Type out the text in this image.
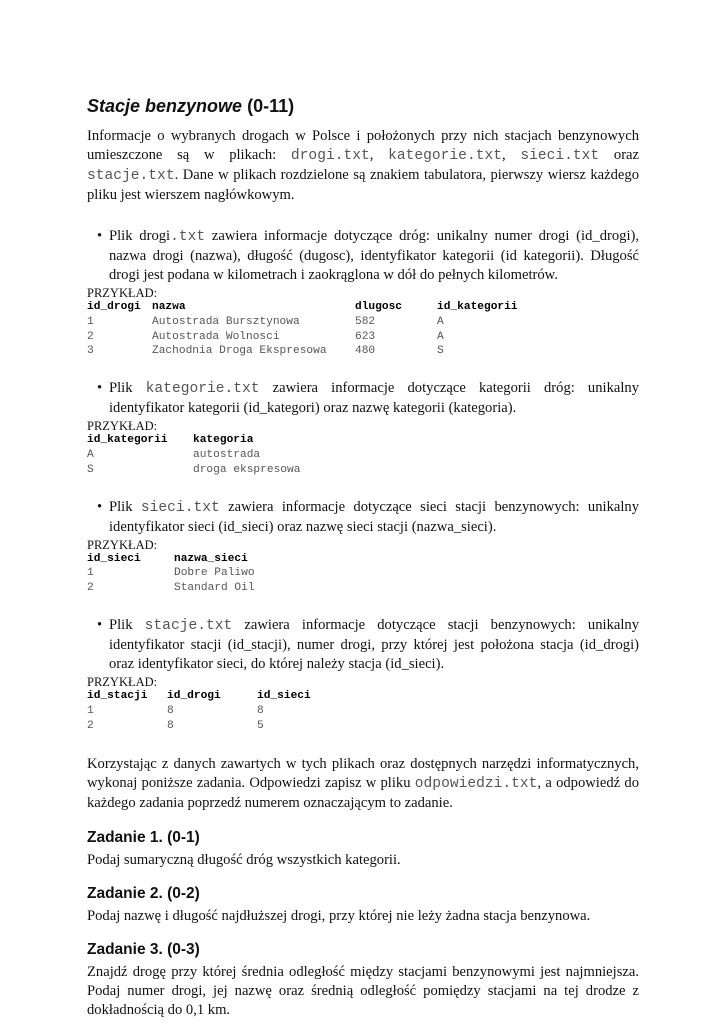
Stacje benzynowe (0-11)

Informacje o wybranych drogach w Polsce i położonych przy nich stacjach benzynowych umieszczone są w plikach: drogi.txt, kategorie.txt, sieci.txt oraz stacje.txt. Dane w plikach rozdzielone są znakiem tabulatora, pierwszy wiersz każdego pliku jest wierszem nagłówkowym.

• Plik drogi.txt zawiera informacje dotyczące dróg: unikalny numer drogi (id_drogi), nazwa drogi (nazwa), długość (dugosc), identyfikator kategorii (id kategorii). Długość drogi jest podana w kilometrach i zaokrąglona w dół do pełnych kilometrów.
PRZYKŁAD:
id_drogi	nazwa	dlugosc	id_kategorii
1	Autostrada Bursztynowa	582	A
2	Autostrada Wolnosci	623	A
3	Zachodnia Droga Ekspresowa	480	S
• Plik kategorie.txt zawiera informacje dotyczące kategorii dróg: unikalny identyfikator kategorii (id_kategori) oraz nazwę kategorii (kategoria).
PRZYKŁAD:
id_kategorii	kategoria
A	autostrada
S	droga ekspresowa
• Plik sieci.txt zawiera informacje dotyczące sieci stacji benzynowych: unikalny identyfikator sieci (id_sieci) oraz nazwę sieci stacji (nazwa_sieci).
PRZYKŁAD:
id_sieci	nazwa_sieci
1	Dobre Paliwo
2	Standard Oil
• Plik stacje.txt zawiera informacje dotyczące stacji benzynowych: unikalny identyfikator stacji (id_stacji), numer drogi, przy której jest położona stacja (id_drogi) oraz identyfikator sieci, do której należy stacja (id_sieci).
PRZYKŁAD:
id_stacji	id_drogi	id_sieci
1	8	8
2	8	5

Korzystając z danych zawartych w tych plikach oraz dostępnych narzędzi informatycznych, wykonaj poniższe zadania. Odpowiedzi zapisz w pliku odpowiedzi.txt, a odpowiedź do każdego zadania poprzedź numerem oznaczającym to zadanie.

Zadanie 1. (0-1)

Podaj sumaryczną długość dróg wszystkich kategorii.

Zadanie 2. (0-2)

Podaj nazwę i długość najdłuższej drogi, przy której nie leży żadna stacja benzynowa.

Zadanie 3. (0-3)

Znajdź drogę przy której średnia odległość między stacjami benzynowymi jest najmniejsza. Podaj numer drogi, jej nazwę oraz średnią odległość pomiędzy stacjami na tej drodze z dokładnością do 0,1 km.
